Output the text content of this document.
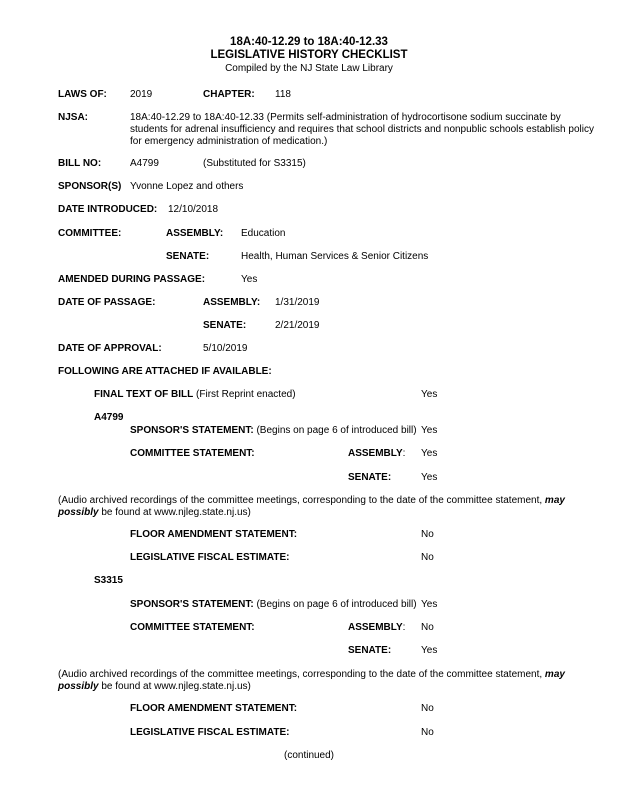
18A:40-12.29 to 18A:40-12.33
LEGISLATIVE HISTORY CHECKLIST
Compiled by the NJ State Law Library
LAWS OF: 2019	CHAPTER: 118
NJSA:	18A:40-12.29 to 18A:40-12.33 (Permits self-administration of hydrocortisone sodium succinate by students for adrenal insufficiency and requires that school districts and nonpublic schools establish policy for emergency administration of medication.)
BILL NO:	A4799	(Substituted for S3315)
SPONSOR(S) Yvonne Lopez and others
DATE INTRODUCED: 12/10/2018
COMMITTEE:	ASSEMBLY: Education
SENATE:	Health, Human Services & Senior Citizens
AMENDED DURING PASSAGE:	Yes
DATE OF PASSAGE:	ASSEMBLY: 1/31/2019
SENATE:	2/21/2019
DATE OF APPROVAL:	5/10/2019
FOLLOWING ARE ATTACHED IF AVAILABLE:
FINAL TEXT OF BILL (First Reprint enacted)	Yes
A4799
SPONSOR'S STATEMENT: (Begins on page 6 of introduced bill) Yes
COMMITTEE STATEMENT:	ASSEMBLY: Yes
SENATE:	Yes
(Audio archived recordings of the committee meetings, corresponding to the date of the committee statement, may possibly be found at www.njleg.state.nj.us)
FLOOR AMENDMENT STATEMENT:	No
LEGISLATIVE FISCAL ESTIMATE:	No
S3315
SPONSOR'S STATEMENT: (Begins on page 6 of introduced bill) Yes
COMMITTEE STATEMENT:	ASSEMBLY: No
SENATE:	Yes
(Audio archived recordings of the committee meetings, corresponding to the date of the committee statement, may possibly be found at www.njleg.state.nj.us)
FLOOR AMENDMENT STATEMENT:	No
LEGISLATIVE FISCAL ESTIMATE:	No
(continued)
